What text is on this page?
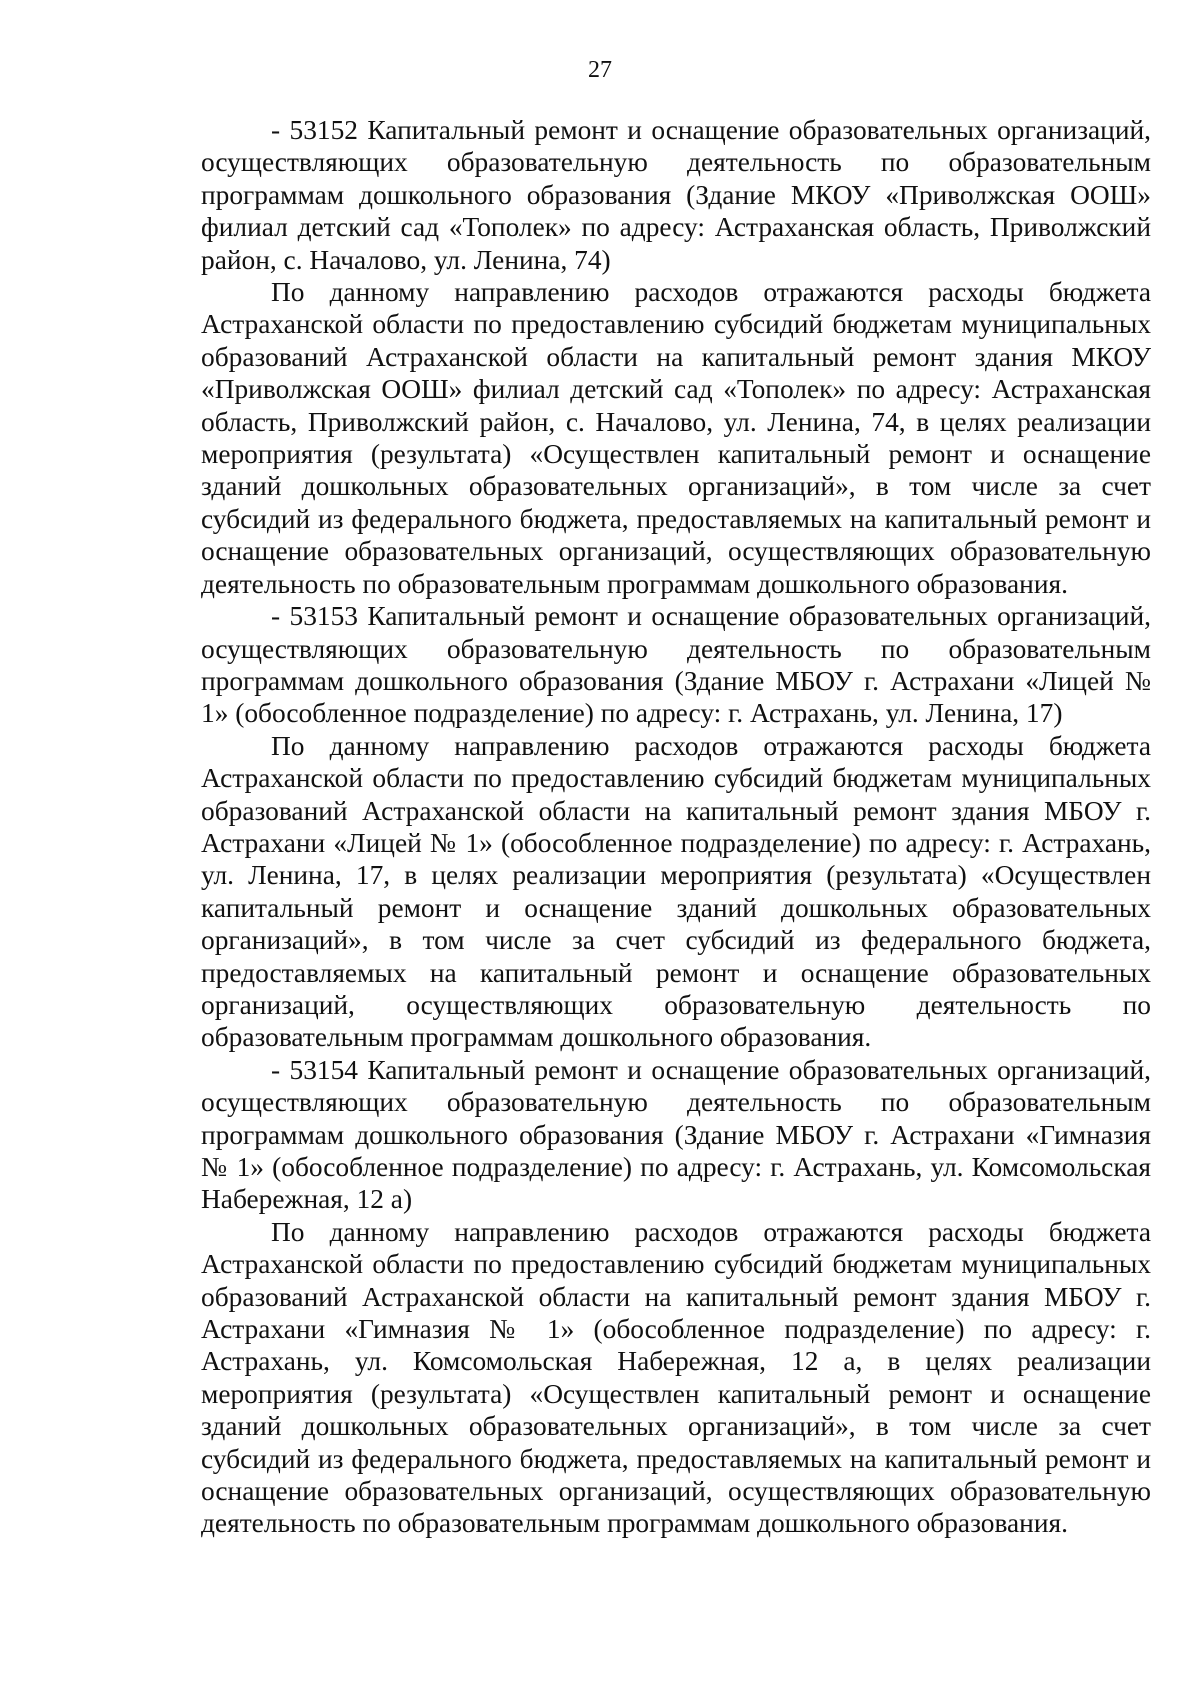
27

- 53152 Капитальный ремонт и оснащение образовательных организаций, осуществляющих образовательную деятельность по образовательным программам дошкольного образования (Здание МКОУ «Приволжская ООШ» филиал детский сад «Тополек» по адресу: Астраханская область, Приволжский район, с. Началово, ул. Ленина, 74)

По данному направлению расходов отражаются расходы бюджета Астраханской области по предоставлению субсидий бюджетам муниципальных образований Астраханской области на капитальный ремонт здания МКОУ «Приволжская ООШ» филиал детский сад «Тополек» по адресу: Астраханская область, Приволжский район, с. Началово, ул. Ленина, 74, в целях реализации мероприятия (результата) «Осуществлен капитальный ремонт и оснащение зданий дошкольных образовательных организаций», в том числе за счет субсидий из федерального бюджета, предоставляемых на капитальный ремонт и оснащение образовательных организаций, осуществляющих образовательную деятельность по образовательным программам дошкольного образования.

- 53153 Капитальный ремонт и оснащение образовательных организаций, осуществляющих образовательную деятельность по образовательным программам дошкольного образования (Здание МБОУ г. Астрахани «Лицей № 1» (обособленное подразделение) по адресу: г. Астрахань, ул. Ленина, 17)

По данному направлению расходов отражаются расходы бюджета Астраханской области по предоставлению субсидий бюджетам муниципальных образований Астраханской области на капитальный ремонт здания МБОУ г. Астрахани «Лицей № 1» (обособленное подразделение) по адресу: г. Астрахань, ул. Ленина, 17, в целях реализации мероприятия (результата) «Осуществлен капитальный ремонт и оснащение зданий дошкольных образовательных организаций», в том числе за счет субсидий из федерального бюджета, предоставляемых на капитальный ремонт и оснащение образовательных организаций, осуществляющих образовательную деятельность по образовательным программам дошкольного образования.

- 53154 Капитальный ремонт и оснащение образовательных организаций, осуществляющих образовательную деятельность по образовательным программам дошкольного образования (Здание МБОУ г. Астрахани «Гимназия № 1» (обособленное подразделение) по адресу: г. Астрахань, ул. Комсомольская Набережная, 12 а)

По данному направлению расходов отражаются расходы бюджета Астраханской области по предоставлению субсидий бюджетам муниципальных образований Астраханской области на капитальный ремонт здания МБОУ г. Астрахани «Гимназия № 1» (обособленное подразделение) по адресу: г. Астрахань, ул. Комсомольская Набережная, 12 а, в целях реализации мероприятия (результата) «Осуществлен капитальный ремонт и оснащение зданий дошкольных образовательных организаций», в том числе за счет субсидий из федерального бюджета, предоставляемых на капитальный ремонт и оснащение образовательных организаций, осуществляющих образовательную деятельность по образовательным программам дошкольного образования.
